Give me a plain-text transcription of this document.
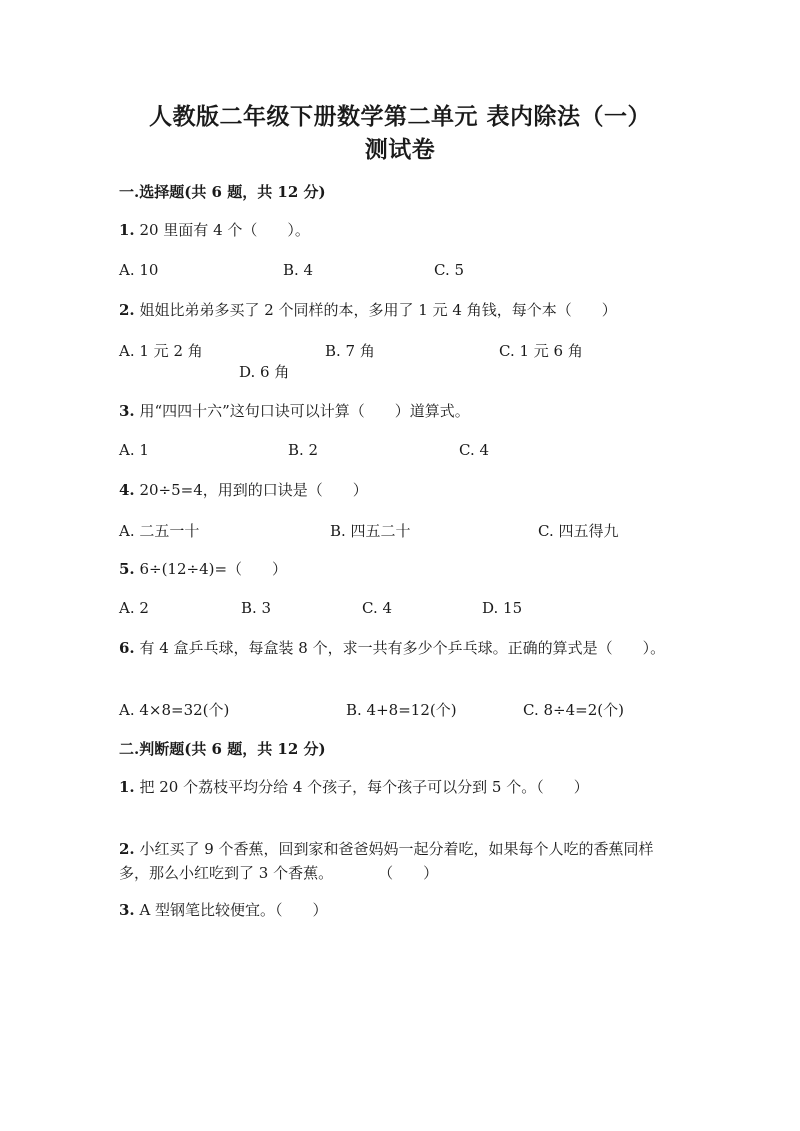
人教版二年级下册数学第二单元 表内除法（一）
测试卷
一.选择题(共 6 题，共 12 分)
1. 20 里面有 4 个（　　）。
A. 10	B. 4	C. 5
2. 姐姐比弟弟多买了 2 个同样的本，多用了 1 元 4 角钱，每个本（　　）
A. 1 元 2 角	B. 7 角	C. 1 元 6 角
D. 6 角
3. 用“四四十六”这句口诀可以计算（　　）道算式。
A. 1	B. 2	C. 4
4. 20÷5=4，用到的口诀是（　　）
A. 二五一十	B. 四五二十	C. 四五得九
5. 6÷(12÷4)=（　　）
A. 2	B. 3	C. 4	D. 15
6. 有 4 盒乒乓球，每盒装 8 个，求一共有多少个乒乓球。正确的算式是（　　）。
A. 4×8=32(个)	B. 4+8=12(个)	C. 8÷4=2(个)
二.判断题(共 6 题，共 12 分)
1. 把 20 个荔枝平均分给 4 个孩子，每个孩子可以分到 5 个。（　　）
2. 小红买了 9 个香蕉，回到家和爸爸妈妈一起分着吃，如果每个人吃的香蕉同样多，那么小红吃到了 3 个香蕉。　　　　（　　）
3. A 型钢笔比较便宜。（　　）
